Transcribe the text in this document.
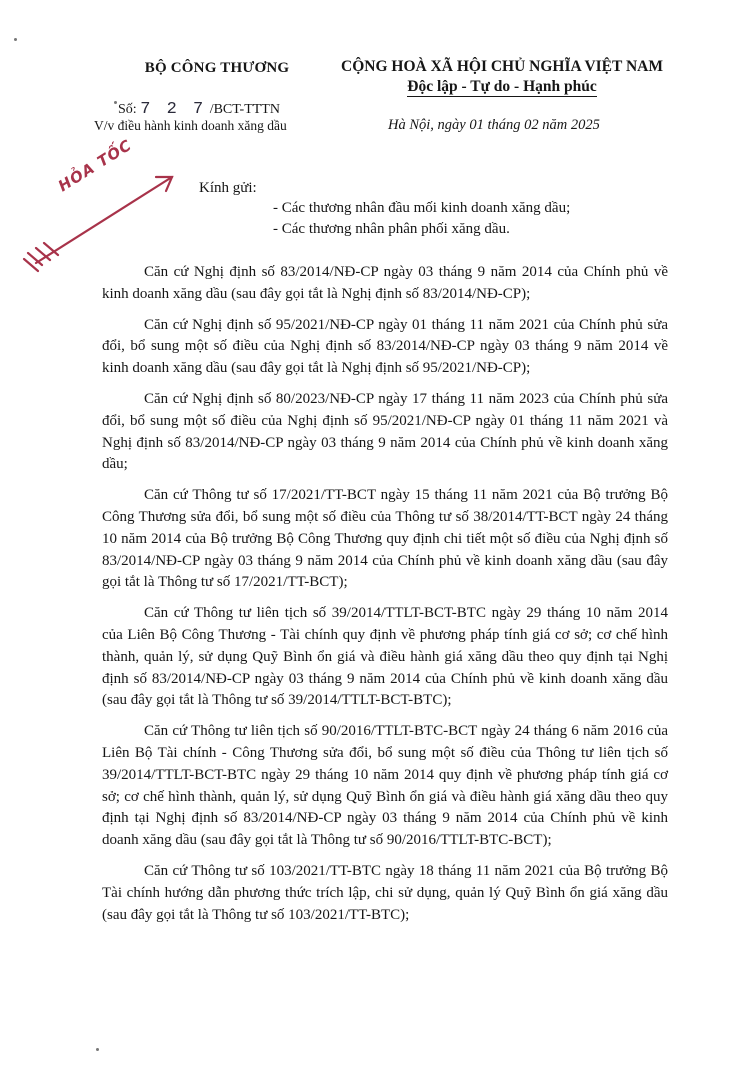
BỘ CÔNG THƯƠNG
Số: 7 2 7 /BCT-TTTN
V/v điều hành kinh doanh xăng dầu
CỘNG HOÀ XÃ HỘI CHỦ NGHĨA VIỆT NAM
Độc lập - Tự do - Hạnh phúc
Hà Nội, ngày 01 tháng 02 năm 2025
HỎA TỐC	Kính gửi:
- Các thương nhân đầu mối kinh doanh xăng dầu;
- Các thương nhân phân phối xăng dầu.

Căn cứ Nghị định số 83/2014/NĐ-CP ngày 03 tháng 9 năm 2014 của Chính phủ về kinh doanh xăng dầu (sau đây gọi tắt là Nghị định số 83/2014/NĐ-CP);

Căn cứ Nghị định số 95/2021/NĐ-CP ngày 01 tháng 11 năm 2021 của Chính phủ sửa đổi, bổ sung một số điều của Nghị định số 83/2014/NĐ-CP ngày 03 tháng 9 năm 2014 về kinh doanh xăng dầu (sau đây gọi tắt là Nghị định số 95/2021/NĐ-CP);

Căn cứ Nghị định số 80/2023/NĐ-CP ngày 17 tháng 11 năm 2023 của Chính phủ sửa đổi, bổ sung một số điều của Nghị định số 95/2021/NĐ-CP ngày 01 tháng 11 năm 2021 và Nghị định số 83/2014/NĐ-CP ngày 03 tháng 9 năm 2014 của Chính phủ về kinh doanh xăng dầu;

Căn cứ Thông tư số 17/2021/TT-BCT ngày 15 tháng 11 năm 2021 của Bộ trưởng Bộ Công Thương sửa đổi, bổ sung một số điều của Thông tư số 38/2014/TT-BCT ngày 24 tháng 10 năm 2014 của Bộ trưởng Bộ Công Thương quy định chi tiết một số điều của Nghị định số 83/2014/NĐ-CP ngày 03 tháng 9 năm 2014 của Chính phủ về kinh doanh xăng dầu (sau đây gọi tắt là Thông tư số 17/2021/TT-BCT);

Căn cứ Thông tư liên tịch số 39/2014/TTLT-BCT-BTC ngày 29 tháng 10 năm 2014 của Liên Bộ Công Thương - Tài chính quy định về phương pháp tính giá cơ sở; cơ chế hình thành, quản lý, sử dụng Quỹ Bình ổn giá và điều hành giá xăng dầu theo quy định tại Nghị định số 83/2014/NĐ-CP ngày 03 tháng 9 năm 2014 của Chính phủ về kinh doanh xăng dầu (sau đây gọi tắt là Thông tư số 39/2014/TTLT-BCT-BTC);

Căn cứ Thông tư liên tịch số 90/2016/TTLT-BTC-BCT ngày 24 tháng 6 năm 2016 của Liên Bộ Tài chính - Công Thương sửa đổi, bổ sung một số điều của Thông tư liên tịch số 39/2014/TTLT-BCT-BTC ngày 29 tháng 10 năm 2014 quy định về phương pháp tính giá cơ sở; cơ chế hình thành, quản lý, sử dụng Quỹ Bình ổn giá và điều hành giá xăng dầu theo quy định tại Nghị định số 83/2014/NĐ-CP ngày 03 tháng 9 năm 2014 của Chính phủ về kinh doanh xăng dầu (sau đây gọi tắt là Thông tư số 90/2016/TTLT-BTC-BCT);

Căn cứ Thông tư số 103/2021/TT-BTC ngày 18 tháng 11 năm 2021 của Bộ trưởng Bộ Tài chính hướng dẫn phương thức trích lập, chi sử dụng, quản lý Quỹ Bình ổn giá xăng dầu (sau đây gọi tắt là Thông tư số 103/2021/TT-BTC);
